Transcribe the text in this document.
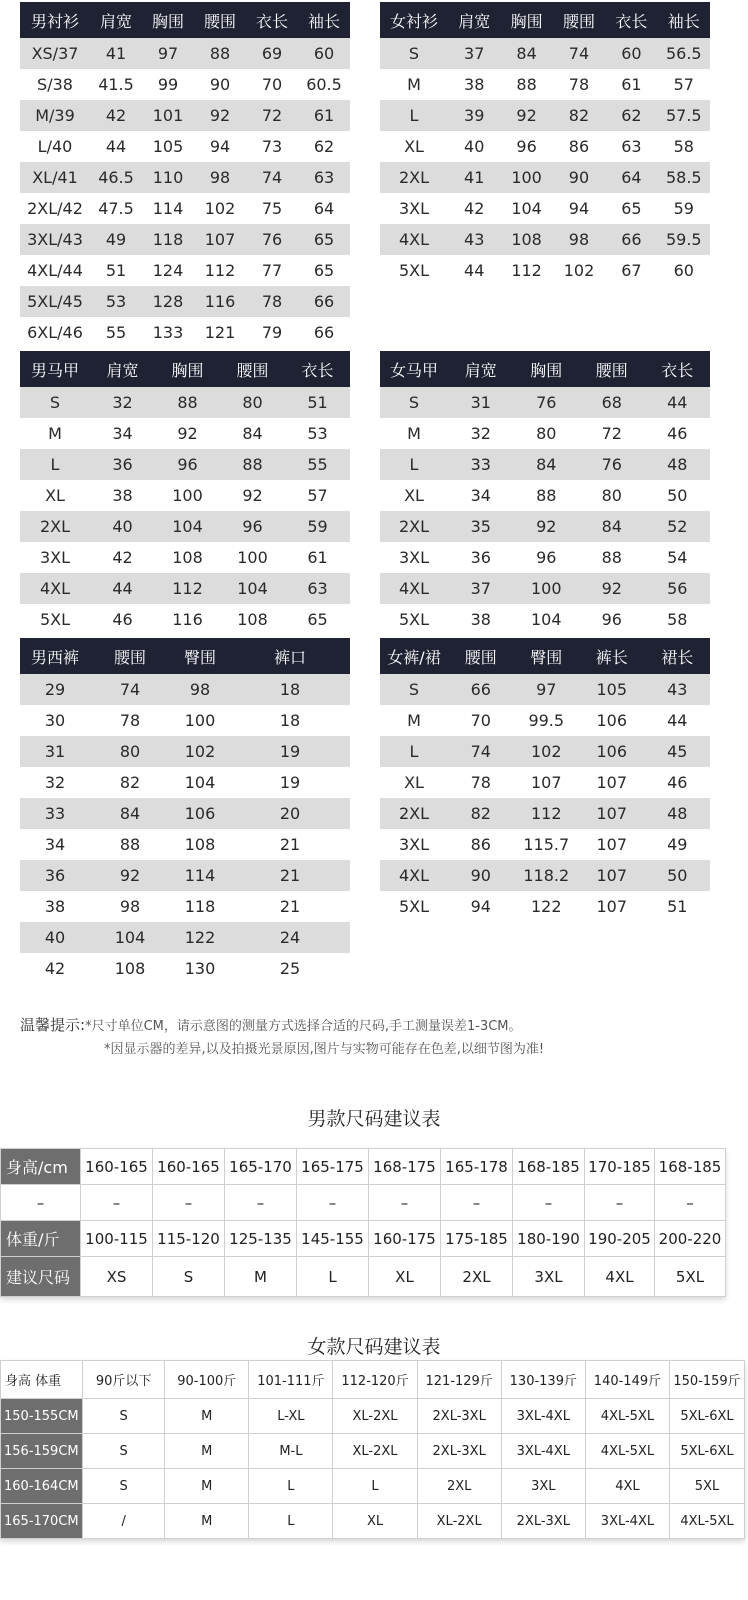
男衬衫	肩宽	胸围	腰围	衣长	袖长
XS/37	41	97	88	69	60
S/38	41.5	99	90	70	60.5
M/39	42	101	92	72	61
L/40	44	105	94	73	62
XL/41	46.5	110	98	74	63
2XL/42	47.5	114	102	75	64
3XL/43	49	118	107	76	65
4XL/44	51	124	112	77	65
5XL/45	53	128	116	78	66
6XL/46	55	133	121	79	66
女衬衫	肩宽	胸围	腰围	衣长	袖长
S	37	84	74	60	56.5
M	38	88	78	61	57
L	39	92	82	62	57.5
XL	40	96	86	63	58
2XL	41	100	90	64	58.5
3XL	42	104	94	65	59
4XL	43	108	98	66	59.5
5XL	44	112	102	67	60
男马甲	肩宽	胸围	腰围	衣长
S	32	88	80	51
M	34	92	84	53
L	36	96	88	55
XL	38	100	92	57
2XL	40	104	96	59
3XL	42	108	100	61
4XL	44	112	104	63
5XL	46	116	108	65
女马甲	肩宽	胸围	腰围	衣长
S	31	76	68	44
M	32	80	72	46
L	33	84	76	48
XL	34	88	80	50
2XL	35	92	84	52
3XL	36	96	88	54
4XL	37	100	92	56
5XL	38	104	96	58
男西裤	腰围	臀围	裤口
29	74	98	18
30	78	100	18
31	80	102	19
32	82	104	19
33	84	106	20
34	88	108	21
36	92	114	21
38	98	118	21
40	104	122	24
42	108	130	25
女裤/裙	腰围	臀围	裤长	裙长
S	66	97	105	43
M	70	99.5	106	44
L	74	102	106	45
XL	78	107	107	46
2XL	82	112	107	48
3XL	86	115.7	107	49
4XL	90	118.2	107	50
5XL	94	122	107	51
温馨提示:*尺寸单位CM，请示意图的测量方式选择合适的尺码,手工测量误差1-3CM。
*因显示器的差异,以及拍摄光景原因,图片与实物可能存在色差,以细节图为准!
男款尺码建议表
身高/cm	160-165	160-165	165-170	165-175	168-175	165-178	168-185	170-185	168-185
–	–	–	–	–	–	–	–	–	–
体重/斤	100-115	115-120	125-135	145-155	160-175	175-185	180-190	190-205	200-220
建议尺码	XS	S	M	L	XL	2XL	3XL	4XL	5XL
女款尺码建议表
身高 体重	90斤以下	90-100斤	101-111斤	112-120斤	121-129斤	130-139斤	140-149斤	150-159斤
150-155CM	S	M	L-XL	XL-2XL	2XL-3XL	3XL-4XL	4XL-5XL	5XL-6XL
156-159CM	S	M	M-L	XL-2XL	2XL-3XL	3XL-4XL	4XL-5XL	5XL-6XL
160-164CM	S	M	L	L	2XL	3XL	4XL	5XL
165-170CM	/	M	L	XL	XL-2XL	2XL-3XL	3XL-4XL	4XL-5XL
